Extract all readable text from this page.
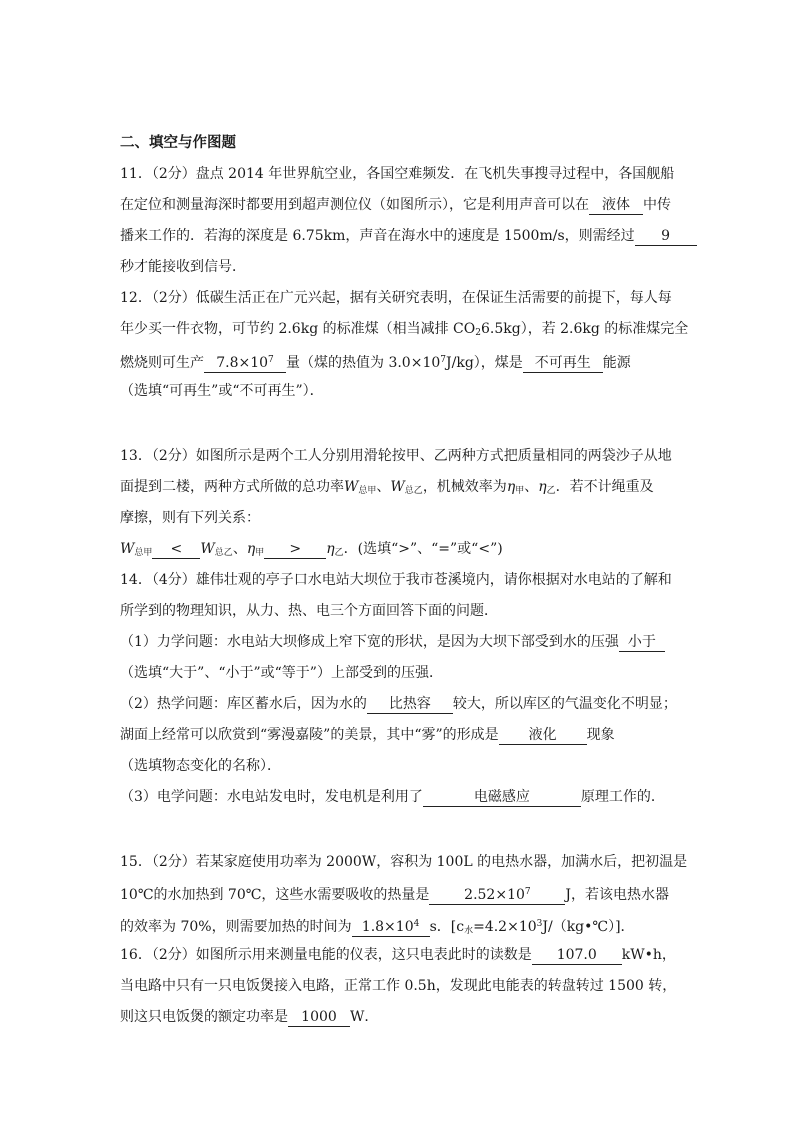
二、填空与作图题
11．（2分）盘点 2014 年世界航空业，各国空难频发．在飞机失事搜寻过程中，各国舰船
在定位和测量海深时都要用到超声测位仪（如图所示），它是利用声音可以在 液体 中传
播来工作的．若海的深度是 6.75km，声音在海水中的速度是 1500m/s，则需经过 9
秒才能接收到信号．
12．（2分）低碳生活正在广元兴起，据有关研究表明，在保证生活需要的前提下，每人每
年少买一件衣物，可节约 2.6kg 的标准煤（相当减排 $CO_26.5kg$），若 2.6kg 的标准煤完全
燃烧则可生产 $7.8\times 10^7$ 量（煤的热值为 $3.0\times 10^7J/kg$），煤是 不可再生 能源
（选填“可再生”或“不可再生”）．
13．（2分）如图所示是两个工人分别用滑轮按甲、乙两种方式把质量相同的两袋沙子从地
面提到二楼，两种方式所做的总功率$W_{总甲}$、$W_{总乙}$，机械效率为$\eta_甲$、$\eta_乙$．若不计绳重及
摩擦，则有下列关系：
$W_{总甲} < W_{总乙}$、$\eta_甲 > \eta_乙$．(选填“>”、“=”或“<”)
14．（4分）雄伟壮观的亭子口水电站大坝位于我市苍溪境内，请你根据对水电站的了解和
所学到的物理知识，从力、热、电三个方面回答下面的问题．
（1）力学问题：水电站大坝修成上窄下宽的形状，是因为大坝下部受到水的压强 小于
（选填“大于”、“小于”或“等于”）上部受到的压强．
（2）热学问题：库区蓄水后，因为水的 比热容 较大，所以库区的气温变化不明显；
湖面上经常可以欣赏到“雾漫嘉陵”的美景，其中“雾”的形成是 液化 现象
（选填物态变化的名称）．
（3）电学问题：水电站发电时，发电机是利用了	电磁感应	原理工作的．
15．（2分）若某家庭使用功率为 2000W，容积为 100L 的电热水器，加满水后，把初温是
10℃的水加热到 70℃，这些水需要吸收的热量是 $2.52\times 10^7$ J，若该电热水器
的效率为 70%，则需要加热的时间为 $1.8\times 10^4$ s．$[c_水=4.2\times 10^3J/(kg•℃)]$．
16．（2分）如图所示用来测量电能的仪表，这只电表此时的读数是 107.0 kW•h，
当电路中只有一只电饭煲接入电路，正常工作 0.5h，发现此电能表的转盘转过 1500 转，
则这只电饭煲的额定功率是 1000 W．
